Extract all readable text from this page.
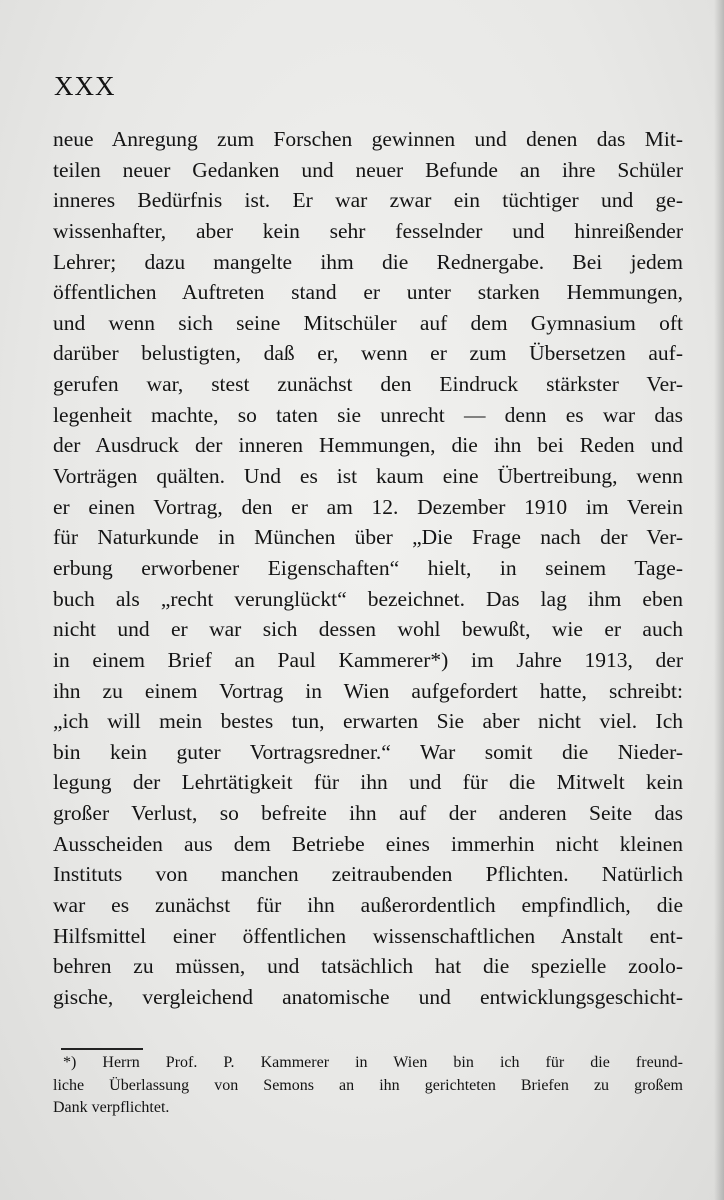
XXX
neue Anregung zum Forschen gewinnen und denen das Mit-
teilen neuer Gedanken und neuer Befunde an ihre Schüler
inneres Bedürfnis ist. Er war zwar ein tüchtiger und ge-
wissenhafter, aber kein sehr fesselnder und hinreißender
Lehrer; dazu mangelte ihm die Rednergabe. Bei jedem
öffentlichen Auftreten stand er unter starken Hemmungen,
und wenn sich seine Mitschüler auf dem Gymnasium oft
darüber belustigten, daß er, wenn er zum Übersetzen auf-
gerufen war, stest zunächst den Eindruck stärkster Ver-
legenheit machte, so taten sie unrecht — denn es war das
der Ausdruck der inneren Hemmungen, die ihn bei Reden und
Vorträgen quälten. Und es ist kaum eine Übertreibung, wenn
er einen Vortrag, den er am 12. Dezember 1910 im Verein
für Naturkunde in München über „Die Frage nach der Ver-
erbung erworbener Eigenschaften“ hielt, in seinem Tage-
buch als „recht verunglückt“ bezeichnet. Das lag ihm eben
nicht und er war sich dessen wohl bewußt, wie er auch
in einem Brief an Paul Kammerer*) im Jahre 1913, der
ihn zu einem Vortrag in Wien aufgefordert hatte, schreibt:
„ich will mein bestes tun, erwarten Sie aber nicht viel. Ich
bin kein guter Vortragsredner.“ War somit die Nieder-
legung der Lehrtätigkeit für ihn und für die Mitwelt kein
großer Verlust, so befreite ihn auf der anderen Seite das
Ausscheiden aus dem Betriebe eines immerhin nicht kleinen
Instituts von manchen zeitraubenden Pflichten. Natürlich
war es zunächst für ihn außerordentlich empfindlich, die
Hilfsmittel einer öffentlichen wissenschaftlichen Anstalt ent-
behren zu müssen, und tatsächlich hat die spezielle zoolo-
gische, vergleichend anatomische und entwicklungsgeschicht-
*) Herrn Prof. P. Kammerer in Wien bin ich für die freund-
liche Überlassung von Semons an ihn gerichteten Briefen zu großem
Dank verpflichtet.
